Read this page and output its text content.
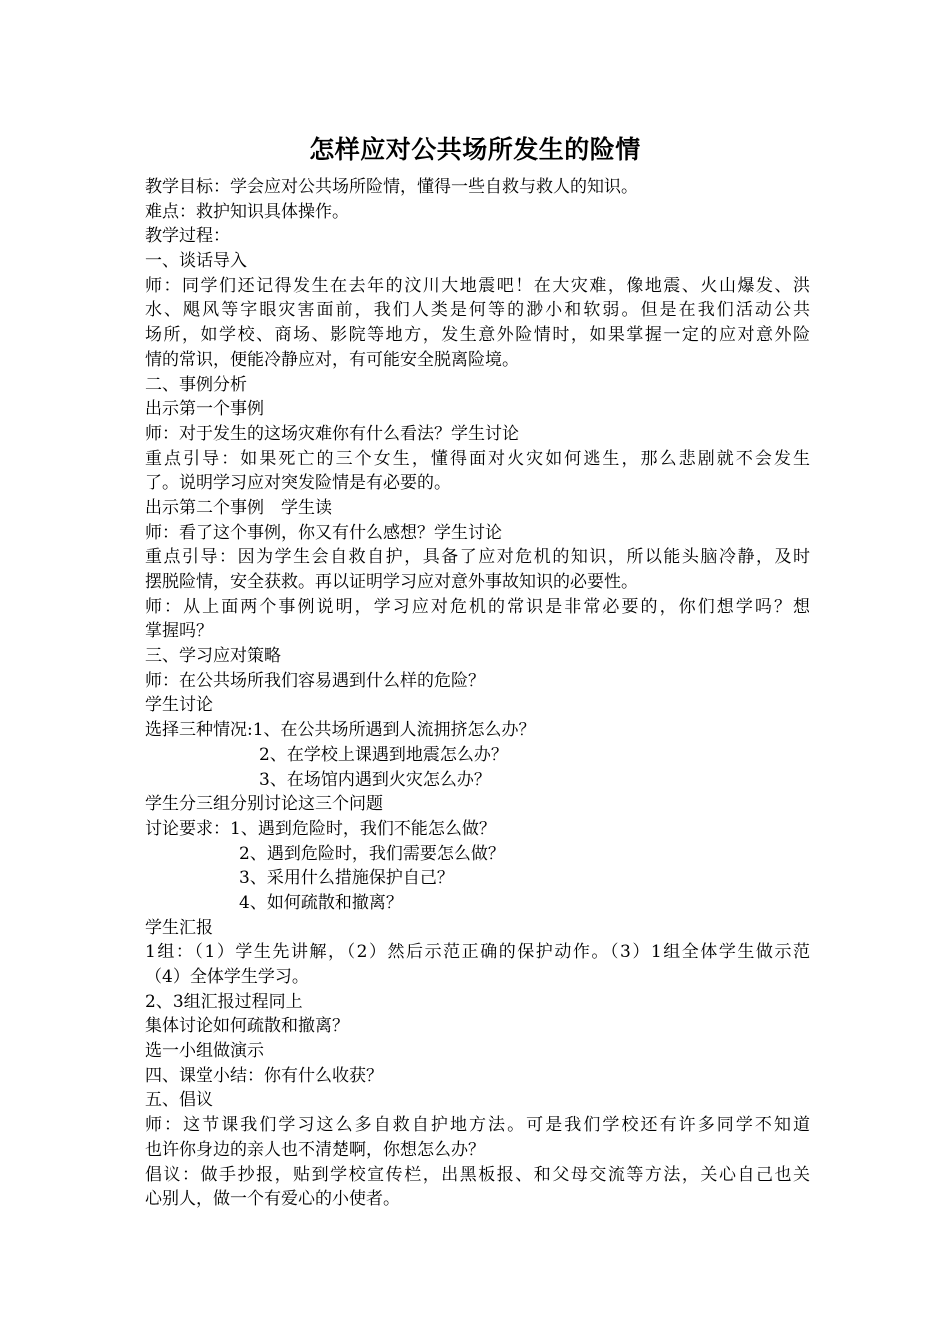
怎样应对公共场所发生的险情
教学目标：学会应对公共场所险情，懂得一些自救与救人的知识。
难点：救护知识具体操作。
教学过程：
一、谈话导入
师：同学们还记得发生在去年的汶川大地震吧！在大灾难，像地震、火山爆发、洪
水、飓风等字眼灾害面前，我们人类是何等的渺小和软弱。但是在我们活动公共
场所，如学校、商场、影院等地方，发生意外险情时，如果掌握一定的应对意外险
情的常识，便能冷静应对，有可能安全脱离险境。
二、事例分析
出示第一个事例
师：对于发生的这场灾难你有什么看法？学生讨论
重点引导：如果死亡的三个女生，懂得面对火灾如何逃生，那么悲剧就不会发生
了。说明学习应对突发险情是有必要的。
出示第二个事例　学生读
师：看了这个事例，你又有什么感想？学生讨论
重点引导：因为学生会自救自护，具备了应对危机的知识，所以能头脑冷静，及时
摆脱险情，安全获救。再以证明学习应对意外事故知识的必要性。
师：从上面两个事例说明，学习应对危机的常识是非常必要的，你们想学吗？想
掌握吗？
三、学习应对策略
师：在公共场所我们容易遇到什么样的危险？
学生讨论
选择三种情况:1、在公共场所遇到人流拥挤怎么办？
2、在学校上课遇到地震怎么办？
3、在场馆内遇到火灾怎么办？
学生分三组分别讨论这三个问题
讨论要求：1、遇到危险时，我们不能怎么做？
2、遇到危险时，我们需要怎么做？
3、采用什么措施保护自己？
4、如何疏散和撤离？
学生汇报
1组：（1）学生先讲解，（2）然后示范正确的保护动作。（3）1组全体学生做示范
（4）全体学生学习。
2、3组汇报过程同上
集体讨论如何疏散和撤离？
选一小组做演示
四、课堂小结：你有什么收获？
五、倡议
师：这节课我们学习这么多自救自护地方法。可是我们学校还有许多同学不知道
也许你身边的亲人也不清楚啊，你想怎么办？
倡议：做手抄报，贴到学校宣传栏，出黑板报、和父母交流等方法，关心自己也关
心别人，做一个有爱心的小使者。
